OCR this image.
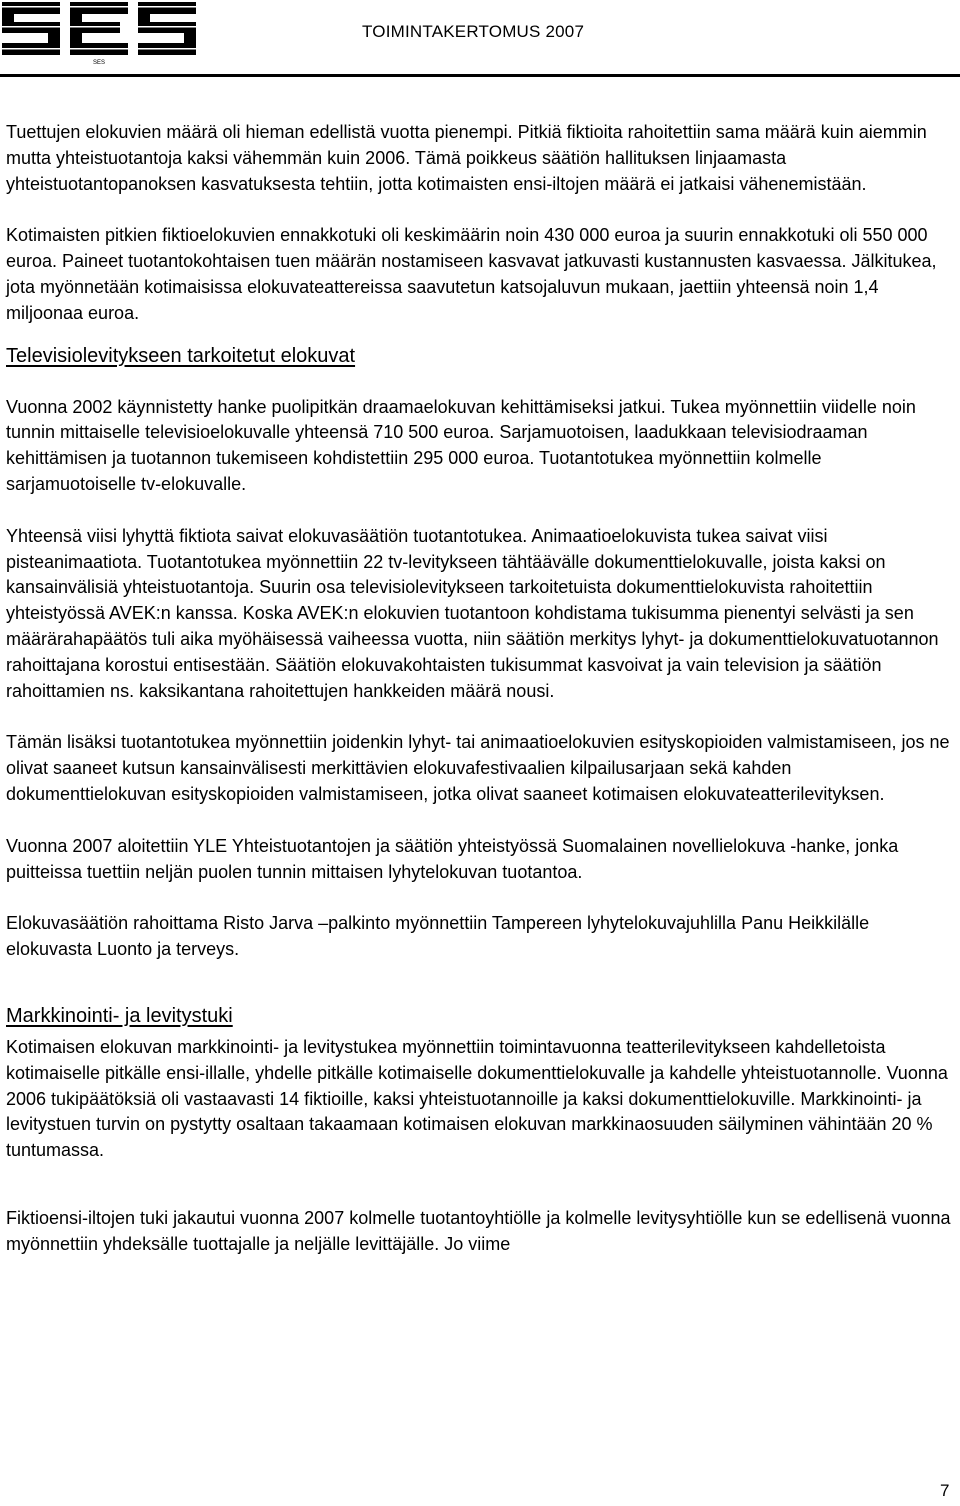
SES
TOIMINTAKERTOMUS 2007

Tuettujen elokuvien määrä oli hieman edellistä vuotta pienempi. Pitkiä fiktioita rahoitettiin sama määrä kuin aiemmin mutta yhteistuotantoja kaksi vähemmän kuin 2006. Tämä poikkeus säätiön hallituksen linjaamasta yhteistuotantopanoksen kasvatuksesta tehtiin, jotta kotimaisten ensi-iltojen määrä ei jatkaisi vähenemistään.

Kotimaisten pitkien fiktioelokuvien ennakkotuki oli keskimäärin noin 430 000 euroa ja suurin ennakkotuki oli 550 000 euroa. Paineet tuotantokohtaisen tuen määrän nostamiseen kasvavat jatkuvasti kustannusten kasvaessa. Jälkitukea, jota myönnetään kotimaisissa elokuvateattereissa saavutetun katsojaluvun mukaan, jaettiin yhteensä noin 1,4 miljoonaa euroa.

Televisiolevitykseen tarkoitetut elokuvat

Vuonna 2002 käynnistetty hanke puolipitkän draamaelokuvan kehittämiseksi jatkui. Tukea myönnettiin viidelle noin tunnin mittaiselle televisioelokuvalle yhteensä 710 500 euroa. Sarjamuotoisen, laadukkaan televisiodraaman kehittämisen ja tuotannon tukemiseen kohdistettiin 295 000 euroa. Tuotantotukea myönnettiin kolmelle sarjamuotoiselle tv-elokuvalle.

Yhteensä viisi lyhyttä fiktiota saivat elokuvasäätiön tuotantotukea. Animaatioelokuvista tukea saivat viisi pisteanimaatiota. Tuotantotukea myönnettiin 22 tv-levitykseen tähtäävälle dokumenttielokuvalle, joista kaksi on kansainvälisiä yhteistuotantoja. Suurin osa televisiolevitykseen tarkoitetuista dokumenttielokuvista rahoitettiin yhteistyössä AVEK:n kanssa. Koska AVEK:n elokuvien tuotantoon kohdistama tukisumma pienentyi selvästi ja sen määrärahapäätös tuli aika myöhäisessä vaiheessa vuotta, niin säätiön merkitys lyhyt- ja dokumenttielokuvatuotannon rahoittajana korostui entisestään. Säätiön elokuvakohtaisten tukisummat kasvoivat ja vain television ja säätiön rahoittamien ns. kaksikantana rahoitettujen hankkeiden määrä nousi.

Tämän lisäksi tuotantotukea myönnettiin joidenkin lyhyt- tai animaatioelokuvien esityskopioiden valmistamiseen, jos ne olivat saaneet kutsun kansainvälisesti merkittävien elokuvafestivaalien kilpailusarjaan sekä kahden dokumenttielokuvan esityskopioiden valmistamiseen, jotka olivat saaneet kotimaisen elokuvateatterilevityksen.

Vuonna 2007 aloitettiin YLE Yhteistuotantojen ja säätiön yhteistyössä Suomalainen novellielokuva -hanke, jonka puitteissa tuettiin neljän puolen tunnin mittaisen lyhytelokuvan tuotantoa.

Elokuvasäätiön rahoittama Risto Jarva –palkinto myönnettiin Tampereen lyhytelokuvajuhlilla Panu Heikkilälle elokuvasta Luonto ja terveys.

Markkinointi- ja levitystuki

Kotimaisen elokuvan markkinointi- ja levitystukea myönnettiin toimintavuonna teatterilevitykseen kahdelletoista kotimaiselle pitkälle ensi-illalle, yhdelle pitkälle kotimaiselle dokumenttielokuvalle ja kahdelle yhteistuotannolle. Vuonna 2006 tukipäätöksiä oli vastaavasti 14 fiktioille, kaksi yhteistuotannoille ja kaksi dokumenttielokuville. Markkinointi- ja levitystuen turvin on pystytty osaltaan takaamaan kotimaisen elokuvan markkinaosuuden säilyminen vähintään 20 % tuntumassa.

Fiktioensi-iltojen tuki jakautui vuonna 2007 kolmelle tuotantoyhtiölle ja kolmelle levitysyhtiölle kun se edellisenä vuonna myönnettiin yhdeksälle tuottajalle ja neljälle levittäjälle. Jo viime

7
